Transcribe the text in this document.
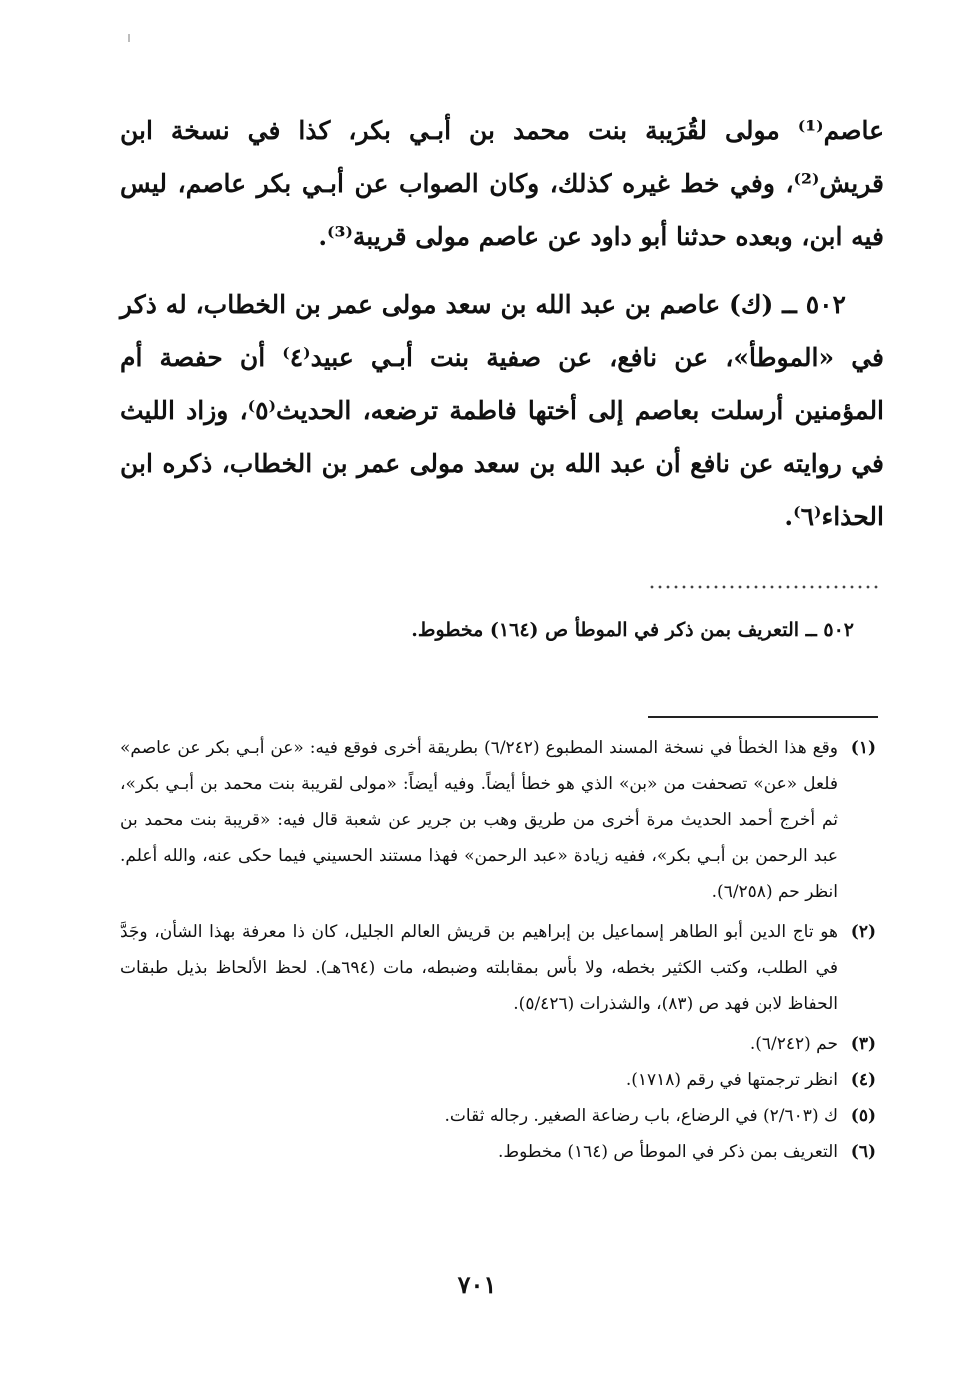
عاصم⁽¹⁾ مولى لقُرَيبة بنت محمد بن أبـي بكر، كذا في نسخة ابن قريش⁽²⁾، وفي خط غيره كذلك، وكان الصواب عن أبـي بكر عاصم، ليس فيه ابن، وبعده حدثنا أبو داود عن عاصم مولى قريبة⁽³⁾.

٥٠٢ ــ (ك) عاصم بن عبد الله بن سعد مولى عمر بن الخطاب، له ذكر في «الموطأ»، عن نافع، عن صفية بنت أبـي عبيد⁽٤⁾ أن حفصة أم المؤمنين أرسلت بعاصم إلى أختها فاطمة ترضعه، الحديث⁽٥⁾، وزاد الليث في روايته عن نافع أن عبد الله بن سعد مولى عمر بن الخطاب، ذكره ابن الحذاء⁽٦⁾.

٥٠٢ ــ التعريف بمن ذكر في الموطأ ص (١٦٤) مخطوط.
(١)
وقع هذا الخطأ في نسخة المسند المطبوع (٦/٢٤٢) بطريقة أخرى فوقع فيه: «عن أبـي بكر عن عاصم» فلعل «عن» تصحفت من «بن» الذي هو خطأ أيضاً. وفيه أيضاً: «مولى لقريبة بنت محمد بن أبـي بكر»، ثم أخرج أحمد الحديث مرة أخرى من طريق وهب بن جرير عن شعبة قال فيه: «قريبة بنت محمد بن عبد الرحمن بن أبـي بكر»، ففيه زيادة «عبد الرحمن» فهذا مستند الحسيني فيما حكى عنه، والله أعلم. انظر حم (٦/٢٥٨).
(٢)
هو تاج الدين أبو الطاهر إسماعيل بن إبراهيم بن قريش العالم الجليل، كان ذا معرفة بهذا الشأن، وجَدَّ في الطلب، وكتب الكثير بخطه، ولا بأس بمقابلته وضبطه، مات (٦٩٤هـ). لحظ الألحاظ بذيل طبقات الحفاظ لابن فهد ص (٨٣)، والشذرات (٥/٤٢٦).
(٣)
حم (٦/٢٤٢).
(٤)
انظر ترجمتها في رقم (١٧١٨).
(٥)
ك (٢/٦٠٣) في الرضاع، باب رضاعة الصغير. رجاله ثقات.
(٦)
التعريف بمن ذكر في الموطأ ص (١٦٤) مخطوط.
٧٠١
